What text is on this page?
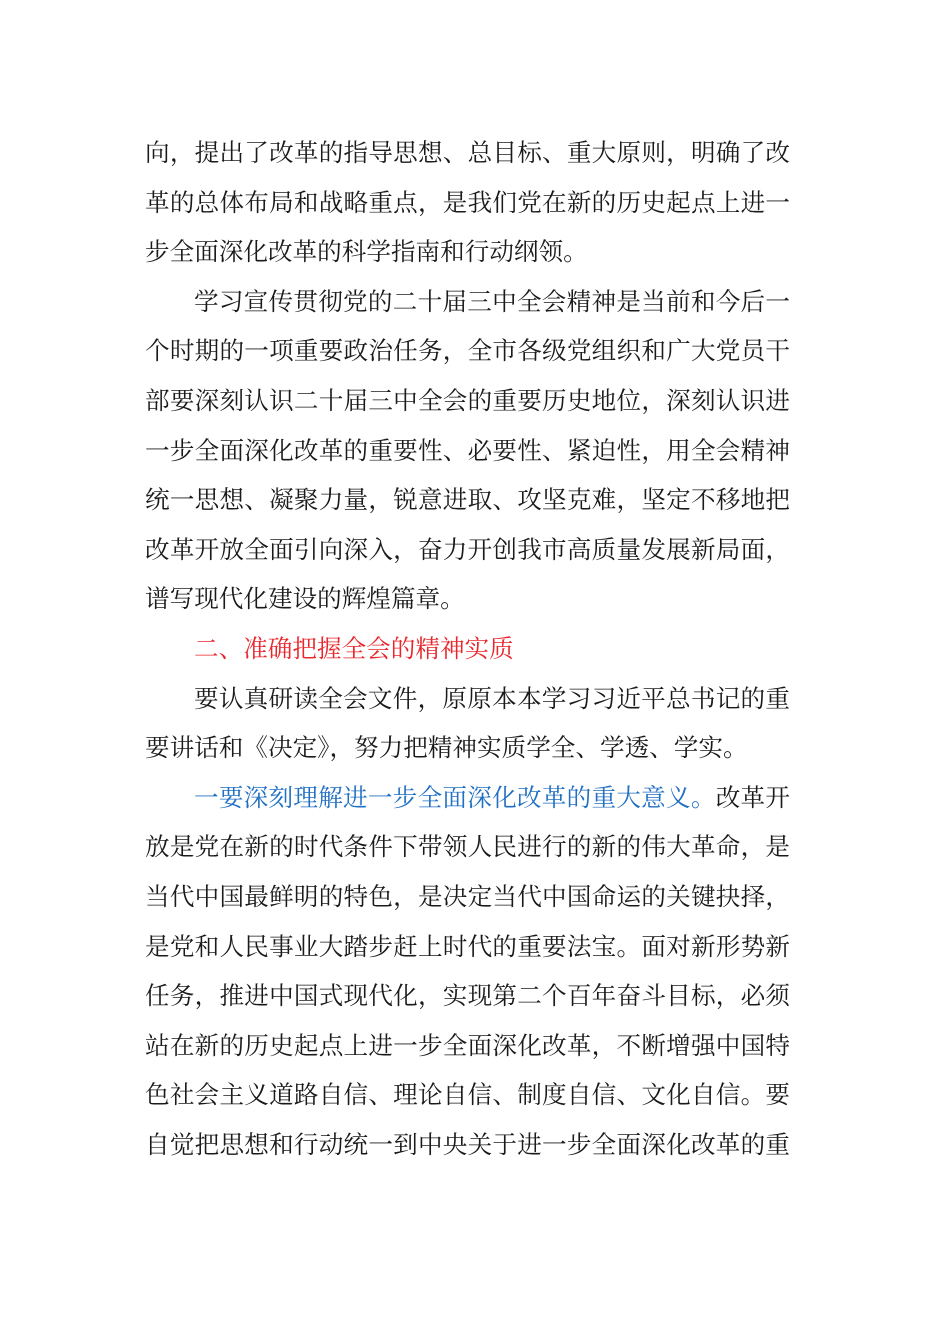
向，提出了改革的指导思想、总目标、重大原则，明确了改
革的总体布局和战略重点，是我们党在新的历史起点上进一
步全面深化改革的科学指南和行动纲领。
学习宣传贯彻党的二十届三中全会精神是当前和今后一
个时期的一项重要政治任务，全市各级党组织和广大党员干
部要深刻认识二十届三中全会的重要历史地位，深刻认识进
一步全面深化改革的重要性、必要性、紧迫性，用全会精神
统一思想、凝聚力量，锐意进取、攻坚克难，坚定不移地把
改革开放全面引向深入，奋力开创我市高质量发展新局面，
谱写现代化建设的辉煌篇章。
二、准确把握全会的精神实质
要认真研读全会文件，原原本本学习习近平总书记的重
要讲话和《决定》，努力把精神实质学全、学透、学实。
一要深刻理解进一步全面深化改革的重大意义。改革开
放是党在新的时代条件下带领人民进行的新的伟大革命，是
当代中国最鲜明的特色，是决定当代中国命运的关键抉择，
是党和人民事业大踏步赶上时代的重要法宝。面对新形势新
任务，推进中国式现代化，实现第二个百年奋斗目标，必须
站在新的历史起点上进一步全面深化改革，不断增强中国特
色社会主义道路自信、理论自信、制度自信、文化自信。要
自觉把思想和行动统一到中央关于进一步全面深化改革的重
